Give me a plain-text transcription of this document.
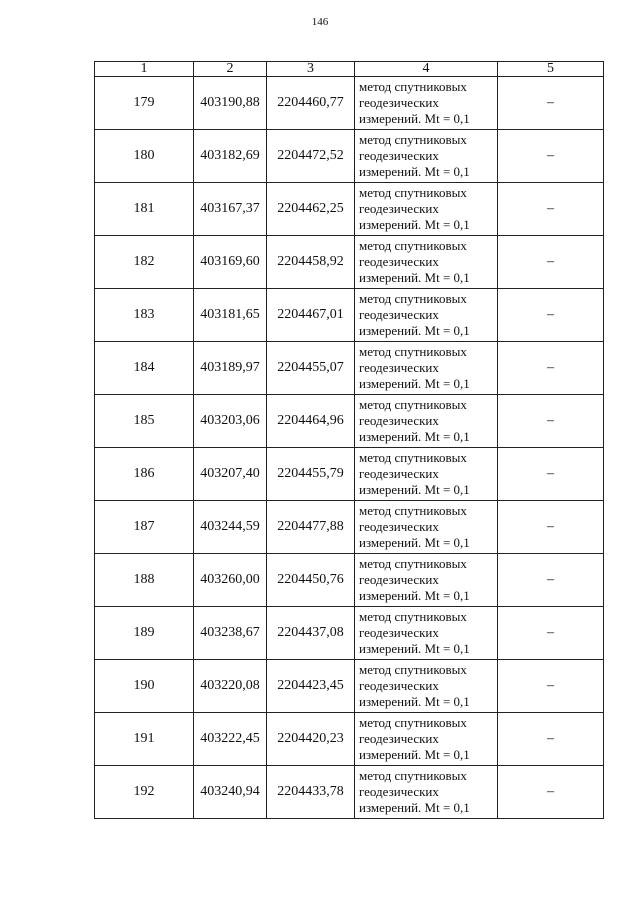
146
1	2	3	4	5
179	403190,88	2204460,77	метод спутниковых
геодезических
измерений. Mt = 0,1	–
180	403182,69	2204472,52	метод спутниковых
геодезических
измерений. Mt = 0,1	–
181	403167,37	2204462,25	метод спутниковых
геодезических
измерений. Mt = 0,1	–
182	403169,60	2204458,92	метод спутниковых
геодезических
измерений. Mt = 0,1	–
183	403181,65	2204467,01	метод спутниковых
геодезических
измерений. Mt = 0,1	–
184	403189,97	2204455,07	метод спутниковых
геодезических
измерений. Mt = 0,1	–
185	403203,06	2204464,96	метод спутниковых
геодезических
измерений. Mt = 0,1	–
186	403207,40	2204455,79	метод спутниковых
геодезических
измерений. Mt = 0,1	–
187	403244,59	2204477,88	метод спутниковых
геодезических
измерений. Mt = 0,1	–
188	403260,00	2204450,76	метод спутниковых
геодезических
измерений. Mt = 0,1	–
189	403238,67	2204437,08	метод спутниковых
геодезических
измерений. Mt = 0,1	–
190	403220,08	2204423,45	метод спутниковых
геодезических
измерений. Mt = 0,1	–
191	403222,45	2204420,23	метод спутниковых
геодезических
измерений. Mt = 0,1	–
192	403240,94	2204433,78	метод спутниковых
геодезических
измерений. Mt = 0,1	–
